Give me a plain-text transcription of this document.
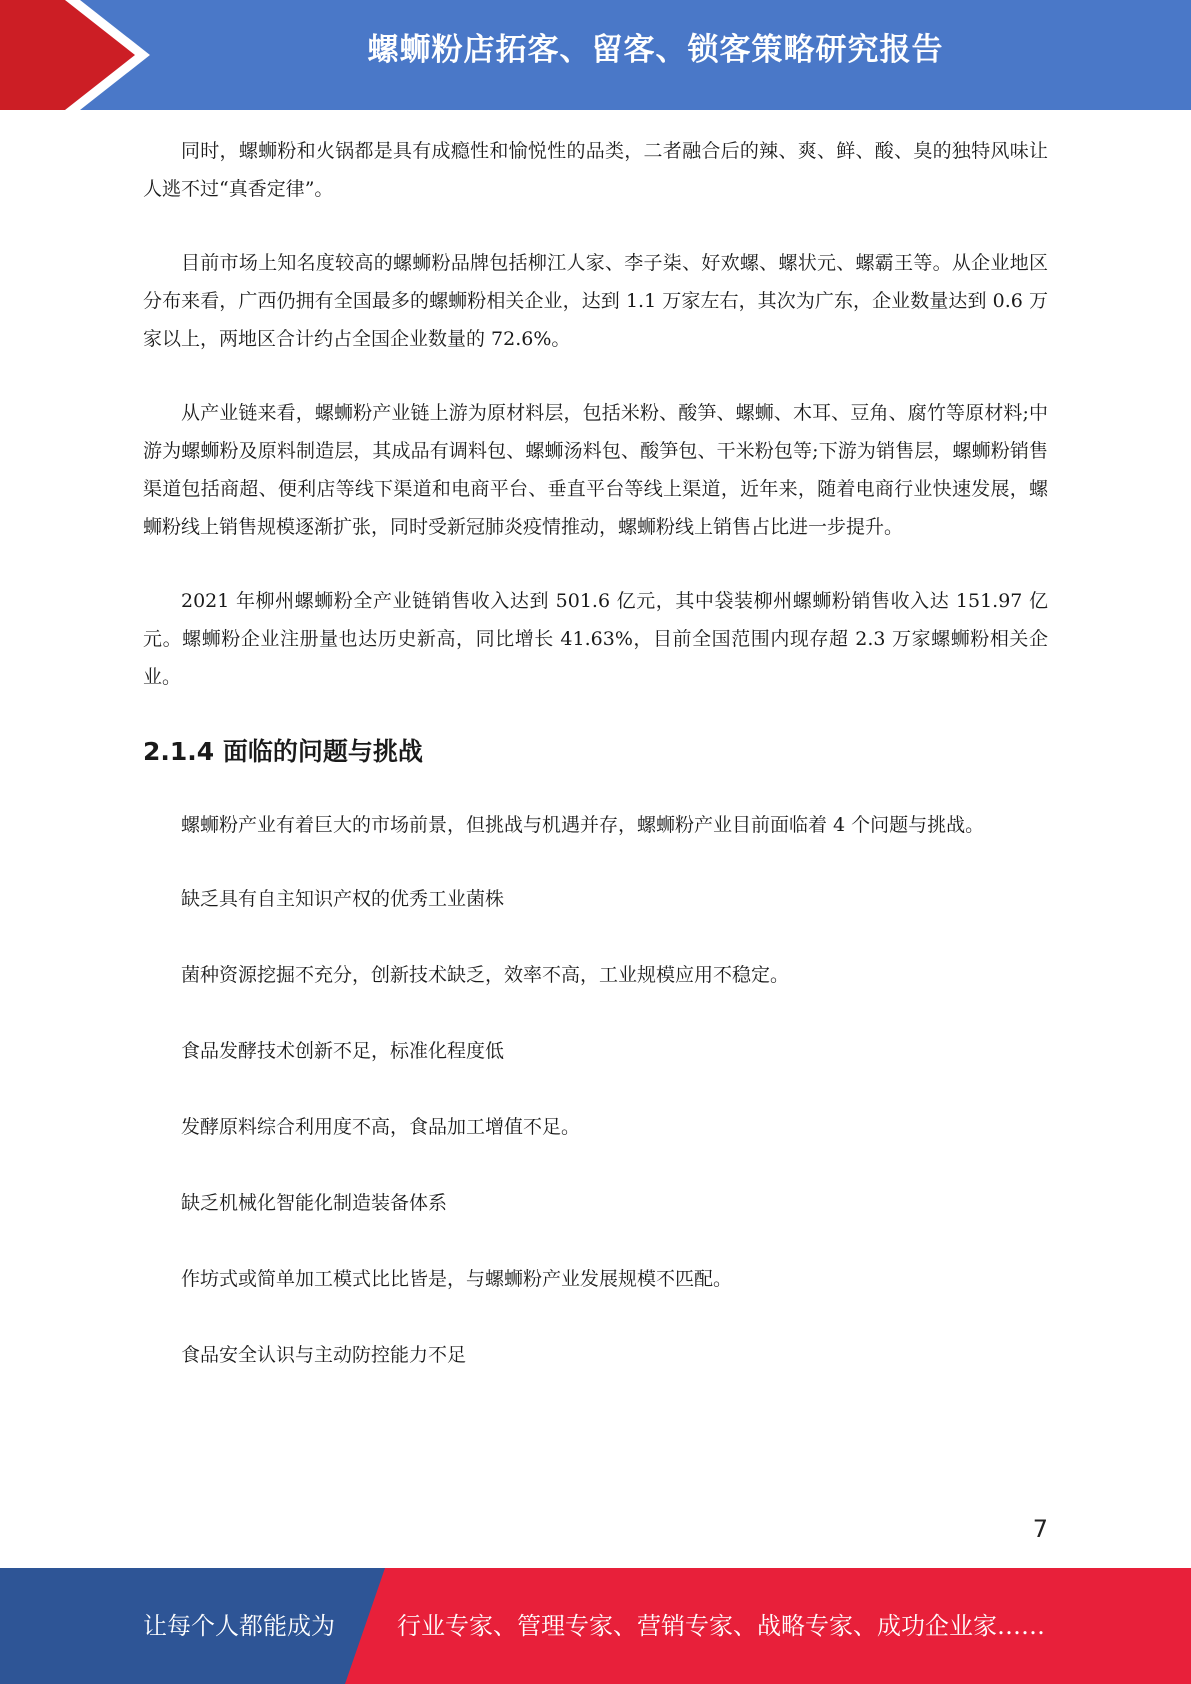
螺蛳粉店拓客、留客、锁客策略研究报告

同时，螺蛳粉和火锅都是具有成瘾性和愉悦性的品类，二者融合后的辣、爽、鲜、酸、臭的独特风味让人逃不过“真香定律”。

目前市场上知名度较高的螺蛳粉品牌包括柳江人家、李子柒、好欢螺、螺状元、螺霸王等。从企业地区分布来看，广西仍拥有全国最多的螺蛳粉相关企业，达到 1.1 万家左右，其次为广东，企业数量达到 0.6 万家以上，两地区合计约占全国企业数量的 72.6%。

从产业链来看，螺蛳粉产业链上游为原材料层，包括米粉、酸笋、螺蛳、木耳、豆角、腐竹等原材料;中游为螺蛳粉及原料制造层，其成品有调料包、螺蛳汤料包、酸笋包、干米粉包等;下游为销售层，螺蛳粉销售渠道包括商超、便利店等线下渠道和电商平台、垂直平台等线上渠道，近年来，随着电商行业快速发展，螺蛳粉线上销售规模逐渐扩张，同时受新冠肺炎疫情推动，螺蛳粉线上销售占比进一步提升。

2021 年柳州螺蛳粉全产业链销售收入达到 501.6 亿元，其中袋装柳州螺蛳粉销售收入达 151.97 亿元。螺蛳粉企业注册量也达历史新高，同比增长 41.63%，目前全国范围内现存超 2.3 万家螺蛳粉相关企业。

2.1.4 面临的问题与挑战

螺蛳粉产业有着巨大的市场前景，但挑战与机遇并存，螺蛳粉产业目前面临着 4 个问题与挑战。

缺乏具有自主知识产权的优秀工业菌株

菌种资源挖掘不充分，创新技术缺乏，效率不高，工业规模应用不稳定。

食品发酵技术创新不足，标准化程度低

发酵原料综合利用度不高，食品加工增值不足。

缺乏机械化智能化制造装备体系

作坊式或简单加工模式比比皆是，与螺蛳粉产业发展规模不匹配。

食品安全认识与主动防控能力不足

7
让每个人都能成为	行业专家、管理专家、营销专家、战略专家、成功企业家……
